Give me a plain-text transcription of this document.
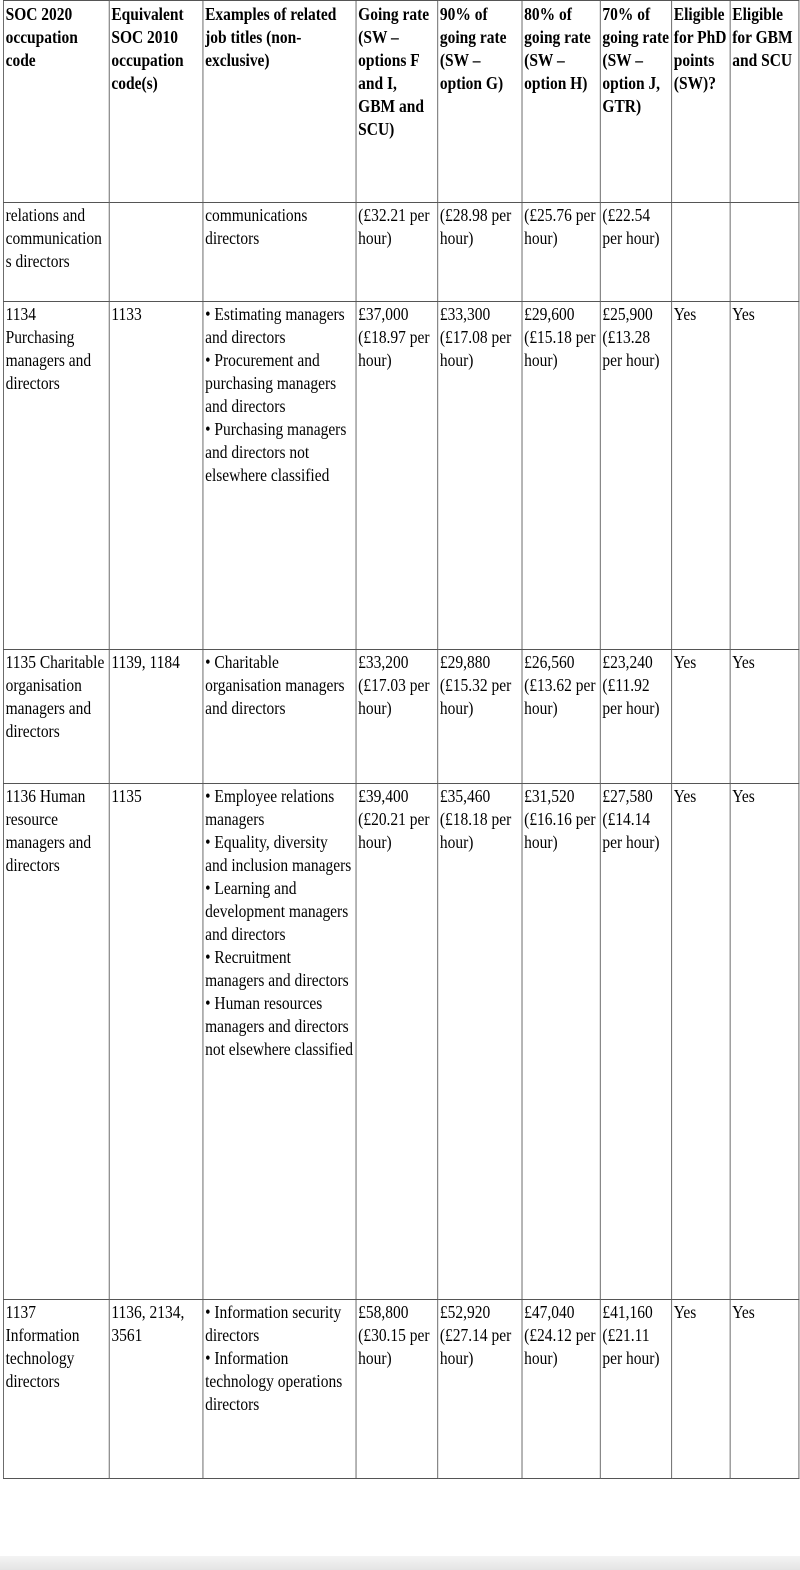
SOC 2020 occupation code	Equivalent SOC 2010 occupation code(s)	Examples of related job titles (non-exclusive)	Going rate (SW – options F and I, GBM and SCU)	90% of going rate (SW – option G)	80% of going rate (SW – option H)	70% of going rate (SW – option J, GTR)	Eligible for PhD points (SW)?	Eligible for GBM and SCU
relations and communications directors		communications directors	(£32.21 per hour)	(£28.98 per hour)	(£25.76 per hour)	(£22.54 per hour)		
1134 Purchasing managers and directors	1133	• Estimating managers and directors
• Procurement and purchasing managers and directors
• Purchasing managers and directors not elsewhere classified	£37,000 (£18.97 per hour)	£33,300 (£17.08 per hour)	£29,600 (£15.18 per hour)	£25,900 (£13.28 per hour)	Yes	Yes
1135 Charitable organisation managers and directors	1139, 1184	• Charitable organisation managers and directors	£33,200 (£17.03 per hour)	£29,880 (£15.32 per hour)	£26,560 (£13.62 per hour)	£23,240 (£11.92 per hour)	Yes	Yes
1136 Human resource managers and directors	1135	• Employee relations managers
• Equality, diversity and inclusion managers
• Learning and development managers and directors
• Recruitment managers and directors
• Human resources managers and directors not elsewhere classified	£39,400 (£20.21 per hour)	£35,460 (£18.18 per hour)	£31,520 (£16.16 per hour)	£27,580 (£14.14 per hour)	Yes	Yes
1137 Information technology directors	1136, 2134, 3561	• Information security directors
• Information technology operations directors	£58,800 (£30.15 per hour)	£52,920 (£27.14 per hour)	£47,040 (£24.12 per hour)	£41,160 (£21.11 per hour)	Yes	Yes
